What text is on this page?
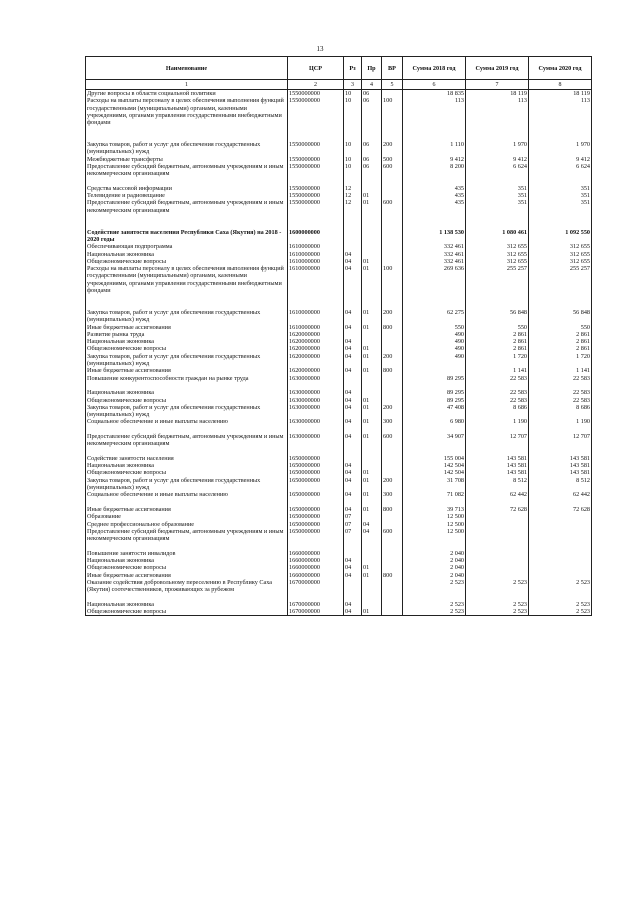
13
Наименование	ЦСР	Рз	Пр	ВР	Сумма 2018 год	Сумма 2019 год	Сумма 2020 год
1	2	3	4	5	6	7	8
Другие вопросы в области социальной политики	1550000000	10	06		18 835	18 119	18 119
Расходы на выплаты персоналу в целях обеспечения выполнения функций государственными (муниципальными) органами, казенными учреждениями, органами управления государственными внебюджетными фондами	1550000000	10	06	100	113	113	113
Закупка товаров, работ и услуг для обеспечения государственных (муниципальных) нужд	1550000000	10	06	200	1 110	1 970	1 970
Межбюджетные трансферты	1550000000	10	06	500	9 412	9 412	9 412
Предоставление субсидий бюджетным, автономным учреждениям и иным некоммерческим организациям	1550000000	10	06	600	8 200	6 624	6 624
Средства массовой информации	1550000000	12			435	351	351
Телевидение и радиовещание	1550000000	12	01		435	351	351
Предоставление субсидий бюджетным, автономным учреждениям и иным некоммерческим организациям	1550000000	12	01	600	435	351	351
Содействие занятости населения Республики Саха (Якутия) на 2018 - 2020 годы	1600000000				1 138 530	1 080 461	1 092 550
Обеспечивающая подпрограмма	1610000000				332 461	312 655	312 655
Национальная экономика	1610000000	04			332 461	312 655	312 655
Общеэкономические вопросы	1610000000	04	01		332 461	312 655	312 655
Расходы на выплаты персоналу в целях обеспечения выполнения функций государственными (муниципальными) органами, казенными учреждениями, органами управления государственными внебюджетными фондами	1610000000	04	01	100	269 636	255 257	255 257
Закупка товаров, работ и услуг для обеспечения государственных (муниципальных) нужд	1610000000	04	01	200	62 275	56 848	56 848
Иные бюджетные ассигнования	1610000000	04	01	800	550	550	550
Развитие рынка труда	1620000000				490	2 861	2 861
Национальная экономика	1620000000	04			490	2 861	2 861
Общеэкономические вопросы	1620000000	04	01		490	2 861	2 861
Закупка товаров, работ и услуг для обеспечения государственных (муниципальных) нужд	1620000000	04	01	200	490	1 720	1 720
Иные бюджетные ассигнования	1620000000	04	01	800		1 141	1 141
Повышение конкурентоспособности граждан на рынке труда	1630000000				89 295	22 583	22 583
Национальная экономика	1630000000	04			89 295	22 583	22 583
Общеэкономические вопросы	1630000000	04	01		89 295	22 583	22 583
Закупка товаров, работ и услуг для обеспечения государственных (муниципальных) нужд	1630000000	04	01	200	47 408	8 686	8 686
Социальное обеспечение и иные выплаты населению	1630000000	04	01	300	6 980	1 190	1 190
Предоставление субсидий бюджетным, автономным учреждениям и иным некоммерческим организациям	1630000000	04	01	600	34 907	12 707	12 707
Содействие занятости населения	1650000000				155 004	143 581	143 581
Национальная экономика	1650000000	04			142 504	143 581	143 581
Общеэкономические вопросы	1650000000	04	01		142 504	143 581	143 581
Закупка товаров, работ и услуг для обеспечения государственных (муниципальных) нужд	1650000000	04	01	200	31 708	8 512	8 512
Социальное обеспечение и иные выплаты населению	1650000000	04	01	300	71 082	62 442	62 442
Иные бюджетные ассигнования	1650000000	04	01	800	39 713	72 628	72 628
Образование	1650000000	07			12 500		
Среднее профессиональное образование	1650000000	07	04		12 500		
Предоставление субсидий бюджетным, автономным учреждениям и иным некоммерческим организациям	1650000000	07	04	600	12 500		
Повышение занятости инвалидов	1660000000				2 040		
Национальная экономика	1660000000	04			2 040		
Общеэкономические вопросы	1660000000	04	01		2 040		
Иные бюджетные ассигнования	1660000000	04	01	800	2 040		
Оказание содействия добровольному переселению в Республику Саха (Якутия) соотечественников, проживающих за рубежом	1670000000				2 523	2 523	2 523
Национальная экономика	1670000000	04			2 523	2 523	2 523
Общеэкономические вопросы	1670000000	04	01		2 523	2 523	2 523
